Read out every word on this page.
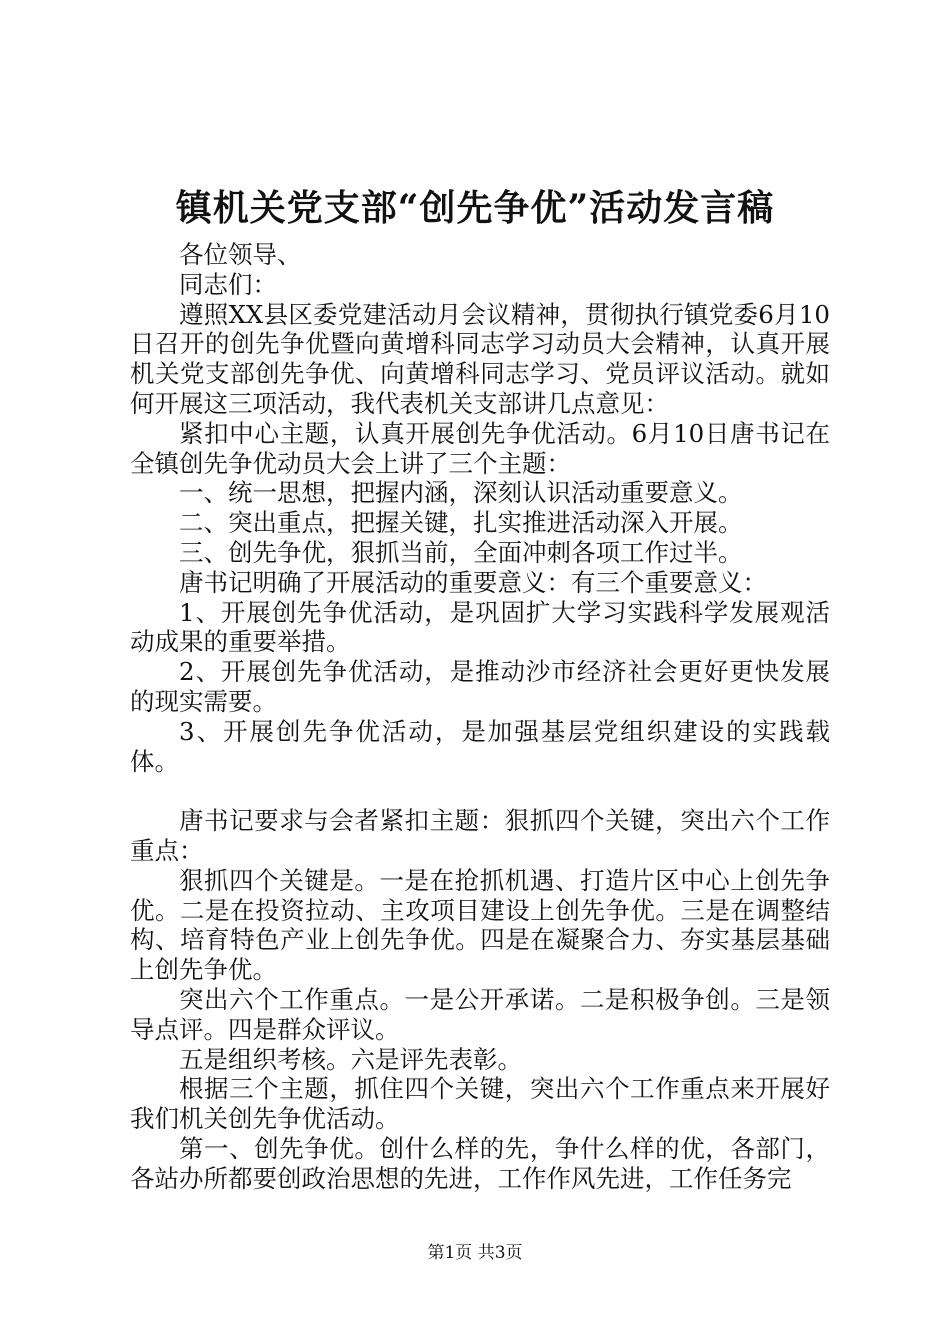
镇机关党支部“创先争优”活动发言稿

各位领导、

同志们：

遵照XX县区委党建活动月会议精神，贯彻执行镇党委6月10日召开的创先争优暨向黄增科同志学习动员大会精神，认真开展机关党支部创先争优、向黄增科同志学习、党员评议活动。就如何开展这三项活动，我代表机关支部讲几点意见：

紧扣中心主题，认真开展创先争优活动。6月10日唐书记在全镇创先争优动员大会上讲了三个主题：

一、统一思想，把握内涵，深刻认识活动重要意义。

二、突出重点，把握关键，扎实推进活动深入开展。

三、创先争优，狠抓当前，全面冲刺各项工作过半。

唐书记明确了开展活动的重要意义：有三个重要意义：

1、开展创先争优活动，是巩固扩大学习实践科学发展观活动成果的重要举措。

2、开展创先争优活动，是推动沙市经济社会更好更快发展的现实需要。

3、开展创先争优活动，是加强基层党组织建设的实践载体。

唐书记要求与会者紧扣主题：狠抓四个关键，突出六个工作重点：

狠抓四个关键是。一是在抢抓机遇、打造片区中心上创先争优。二是在投资拉动、主攻项目建设上创先争优。三是在调整结构、培育特色产业上创先争优。四是在凝聚合力、夯实基层基础上创先争优。

突出六个工作重点。一是公开承诺。二是积极争创。三是领导点评。四是群众评议。

五是组织考核。六是评先表彰。

根据三个主题，抓住四个关键，突出六个工作重点来开展好我们机关创先争优活动。

第一、创先争优。创什么样的先，争什么样的优，各部门，各站办所都要创政治思想的先进，工作作风先进，工作任务完

第1页 共3页
